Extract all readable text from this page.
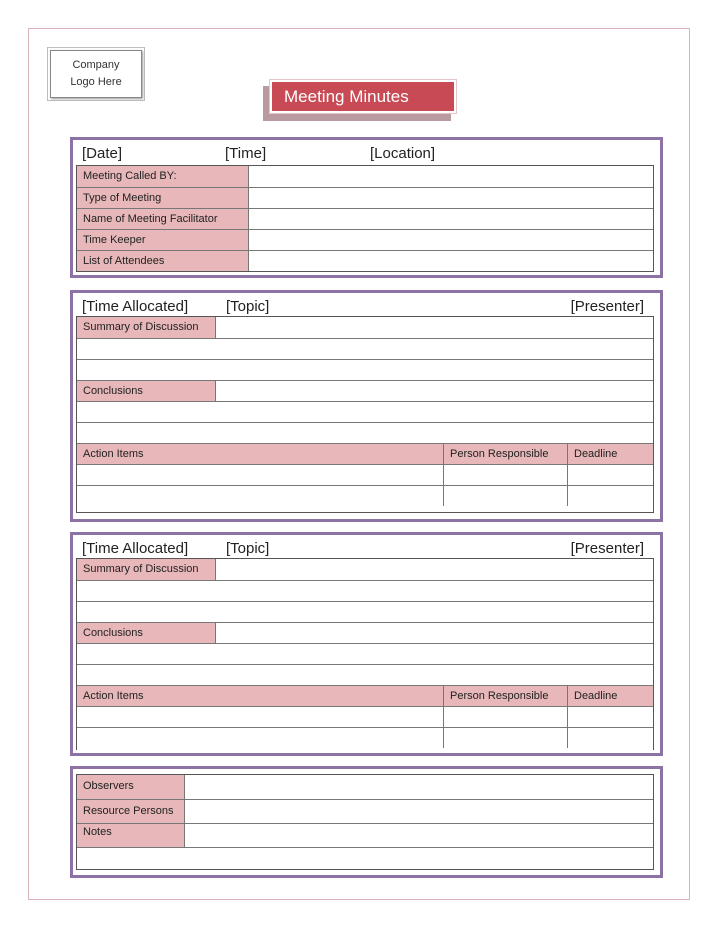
Company
Logo Here
Meeting Minutes
[Date]	[Time]	[Location]
Meeting Called BY:
Type of Meeting
Name of Meeting Facilitator
Time Keeper
List of Attendees
[Time Allocated]	[Topic]	[Presenter]
Summary of Discussion
Conclusions
Action Items	Person Responsible	Deadline
[Time Allocated]	[Topic]	[Presenter]
Summary of Discussion
Conclusions
Action Items	Person Responsible	Deadline
Observers
Resource Persons
Notes
